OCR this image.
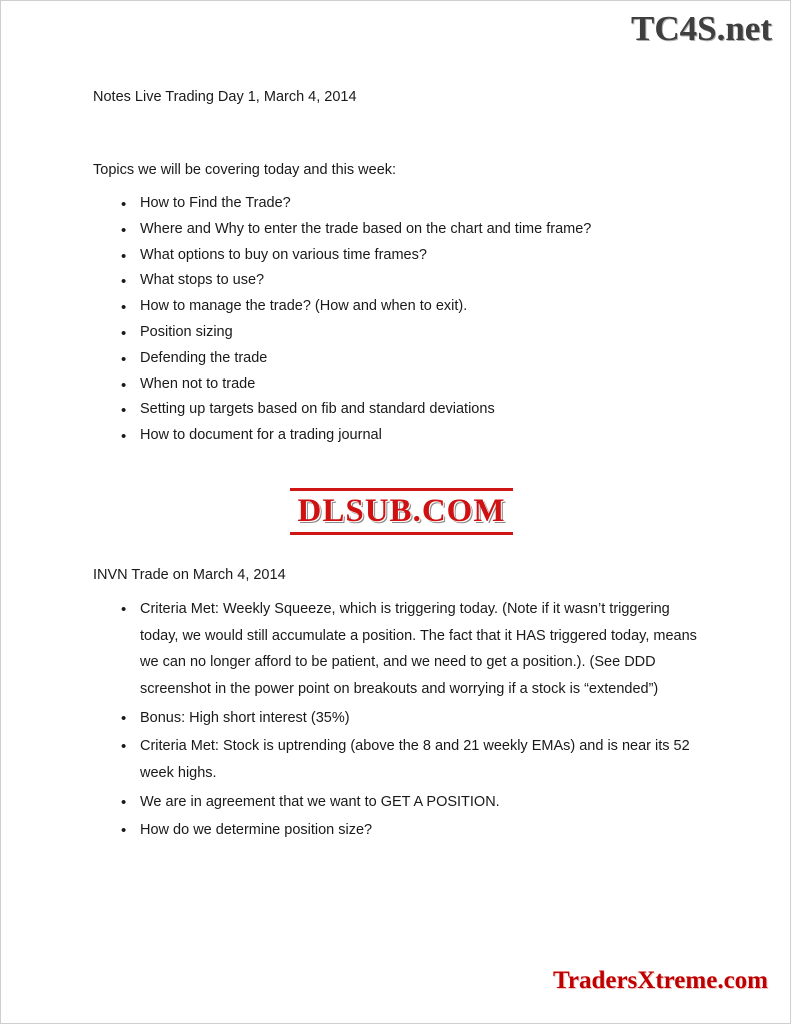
TC4S.net

Notes Live Trading Day 1, March 4, 2014

Topics we will be covering today and this week:

• How to Find the Trade?
• Where and Why to enter the trade based on the chart and time frame?
• What options to buy on various time frames?
• What stops to use?
• How to manage the trade? (How and when to exit).
• Position sizing
• Defending the trade
• When not to trade
• Setting up targets based on fib and standard deviations
• How to document for a trading journal

INVN Trade on March 4, 2014

• Criteria Met: Weekly Squeeze, which is triggering today. (Note if it wasn’t triggering today, we would still accumulate a position. The fact that it HAS triggered today, means we can no longer afford to be patient, and we need to get a position.). (See DDD screenshot in the power point on breakouts and worrying if a stock is “extended”)
• Bonus: High short interest (35%)
• Criteria Met: Stock is uptrending (above the 8 and 21 weekly EMAs) and is near its 52 week highs.
• We are in agreement that we want to GET A POSITION.
• How do we determine position size?
DLSUB.COM
TradersXtreme.com
